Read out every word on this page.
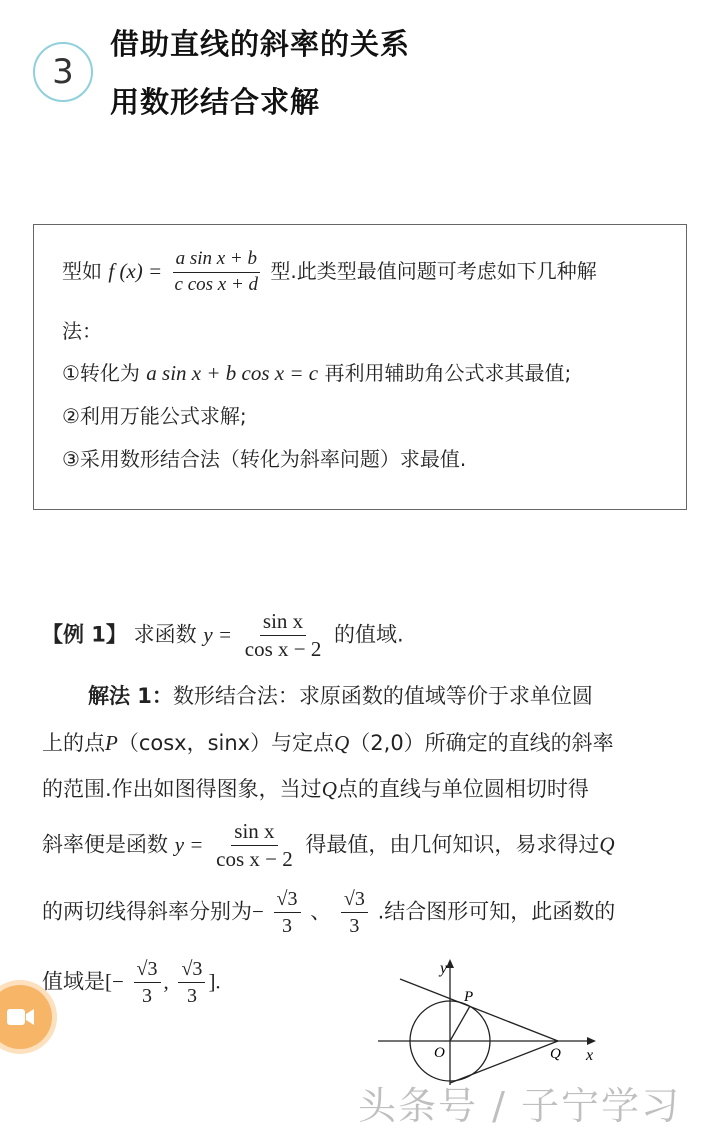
3
借助直线的斜率的关系
用数形结合求解
型如 f $(x) = \frac{\text{a sin x + b}}{\text{c cos x + d}}$ 型.此类型最值问题可考虑如下几种解
法：
①转化为 a sin x + b cos x = c 再利用辅助角公式求其最值;
②利用万能公式求解;
③采用数形结合法（转化为斜率问题）求最值.
【例 1】 求函数 $y = \frac{\text{sin x}}{\text{cos x − 2}}$ 的值域.
解法 1：数形结合法：求原函数的值域等价于求单位圆
上的点P（cosx，sinx）与定点Q（2,0）所确定的直线的斜率
的范围.作出如图得图象，当过Q点的直线与单位圆相切时得
斜率便是函数 $y = \frac{\text{sin x}}{\text{cos x − 2}}$ 得最值，由几何知识，易求得过Q
的两切线得斜率分别为− $\frac{√3}{3}$ 、 $\frac{√3}{3}$ .结合图形可知，此函数的
值域是[− $\frac{√3}{3}$ , $\frac{√3}{3}$ ].
y
x
O
P
Q
头条号 / 子宁学习
